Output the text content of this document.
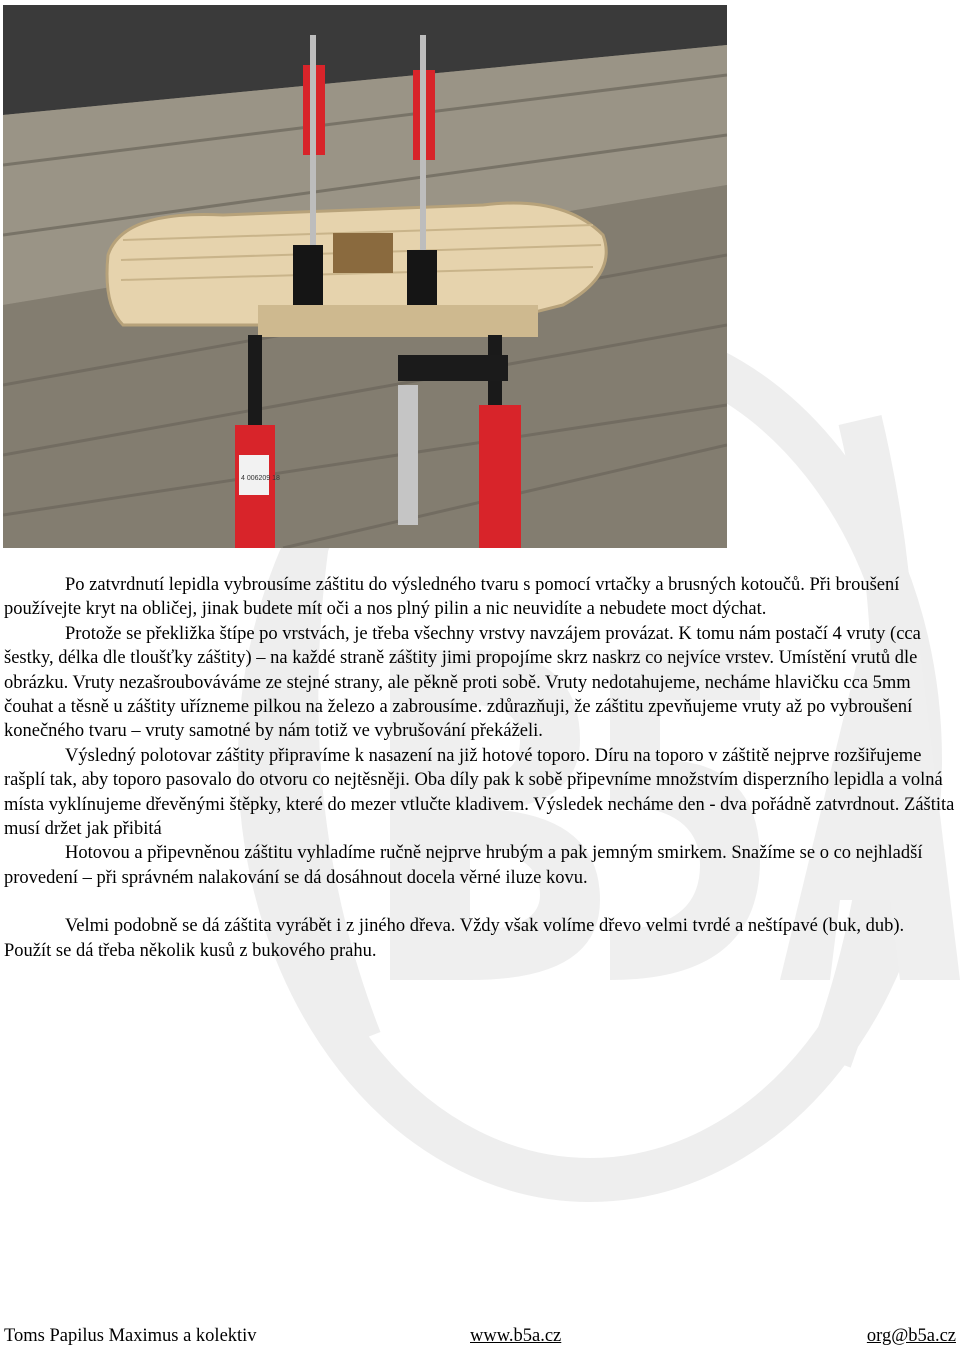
4 006209 18

Po zatvrdnutí lepidla vybrousíme záštitu do výsledného tvaru s pomocí vrtačky a brusných kotoučů. Při broušení používejte kryt na obličej, jinak budete mít oči a nos plný pilin a nic neuvidíte a nebudete moct dýchat.

Protože se překližka štípe po vrstvách, je třeba všechny vrstvy navzájem provázat. K tomu nám postačí 4 vruty (cca šestky, délka dle tloušťky záštity) – na každé straně záštity jimi propojíme skrz naskrz co nejvíce vrstev. Umístění vrutů dle obrázku. Vruty nezašroubováváme ze stejné strany, ale pěkně proti sobě. Vruty nedotahujeme, necháme hlavičku cca 5mm čouhat a těsně u záštity uřízneme pilkou na železo a zabrousíme. zdůrazňuji, že záštitu zpevňujeme vruty až po vybroušení konečného tvaru – vruty samotné by nám totiž ve vybrušování překáželi.

Výsledný polotovar záštity připravíme k nasazení na již hotové toporo. Díru na toporo v záštitě nejprve rozšiřujeme rašplí tak, aby toporo pasovalo do otvoru co nejtěsněji. Oba díly pak k sobě připevníme množstvím disperzního lepidla a volná místa vyklínujeme dřevěnými štěpky, které do mezer vtlučte kladivem. Výsledek necháme den - dva pořádně zatvrdnout. Záštita musí držet jak přibitá

Hotovou a připevněnou záštitu vyhladíme ručně nejprve hrubým a pak jemným smirkem. Snažíme se o co nejhladší provedení – při správném nalakování se dá dosáhnout docela věrné iluze kovu.

Velmi podobně se dá záštita vyrábět i z jiného dřeva. Vždy však volíme dřevo velmi tvrdé a neštípavé (buk, dub). Použít se dá třeba několik kusů z bukového prahu.

Toms Papilus Maximus a kolektiv	www.b5a.cz	org@b5a.cz
